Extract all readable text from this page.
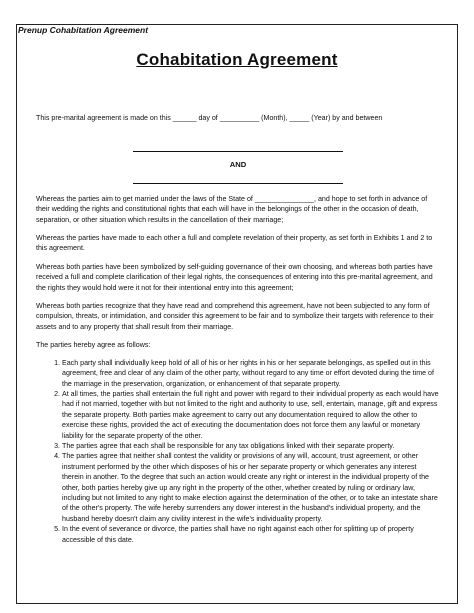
Prenup Cohabitation Agreement
Cohabitation Agreement

This pre-marital agreement is made on this ______ day of __________ (Month), _____ (Year) by and between

AND

Whereas the parties aim to get married under the laws of the State of _______________, and hope to set forth in advance of their wedding the rights and constitutional rights that each will have in the belongings of the other in the occasion of death, separation, or other situation which results in the cancellation of their marriage;

Whereas the parties have made to each other a full and complete revelation of their property, as set forth in Exhibits 1 and 2 to this agreement.

Whereas both parties have been symbolized by self-guiding governance of their own choosing, and whereas both parties have received a full and complete clarification of their legal rights, the consequences of entering into this pre-marital agreement, and the rights they would hold were it not for their intentional entry into this agreement;

Whereas both parties recognize that they have read and comprehend this agreement, have not been subjected to any form of compulsion, threats, or intimidation, and consider this agreement to be fair and to symbolize their targets with reference to their assets and to any property that shall result from their marriage.

The parties hereby agree as follows:

1. Each party shall individually keep hold of all of his or her rights in his or her separate belongings, as spelled out in this agreement, free and clear of any claim of the other party, without regard to any time or effort devoted during the time of the marriage in the preservation, organization, or enhancement of that separate property.
2. At all times, the parties shall entertain the full right and power with regard to their individual property as each would have had if not married, together with but not limited to the right and authority to use, sell, entertain, manage, gift and express the separate property. Both parties make agreement to carry out any documentation required to allow the other to exercise these rights, provided the act of executing the documentation does not force them any lawful or monetary liability for the separate property of the other.
3. The parties agree that each shall be responsible for any tax obligations linked with their separate property.
4. The parties agree that neither shall contest the validity or provisions of any will, account, trust agreement, or other instrument performed by the other which disposes of his or her separate property or which generates any interest therein in another. To the degree that such an action would create any right or interest in the individual property of the other, both parties hereby give up any right in the property of the other, whether created by ruling or ordinary law, including but not limited to any right to make election against the determination of the other, or to take an intestate share of the other's property. The wife hereby surrenders any dower interest in the husband's individual property, and the husband hereby doesn't claim any civility interest in the wife's individuality property.
5. In the event of severance or divorce, the parties shall have no right against each other for splitting up of property accessible of this date.
